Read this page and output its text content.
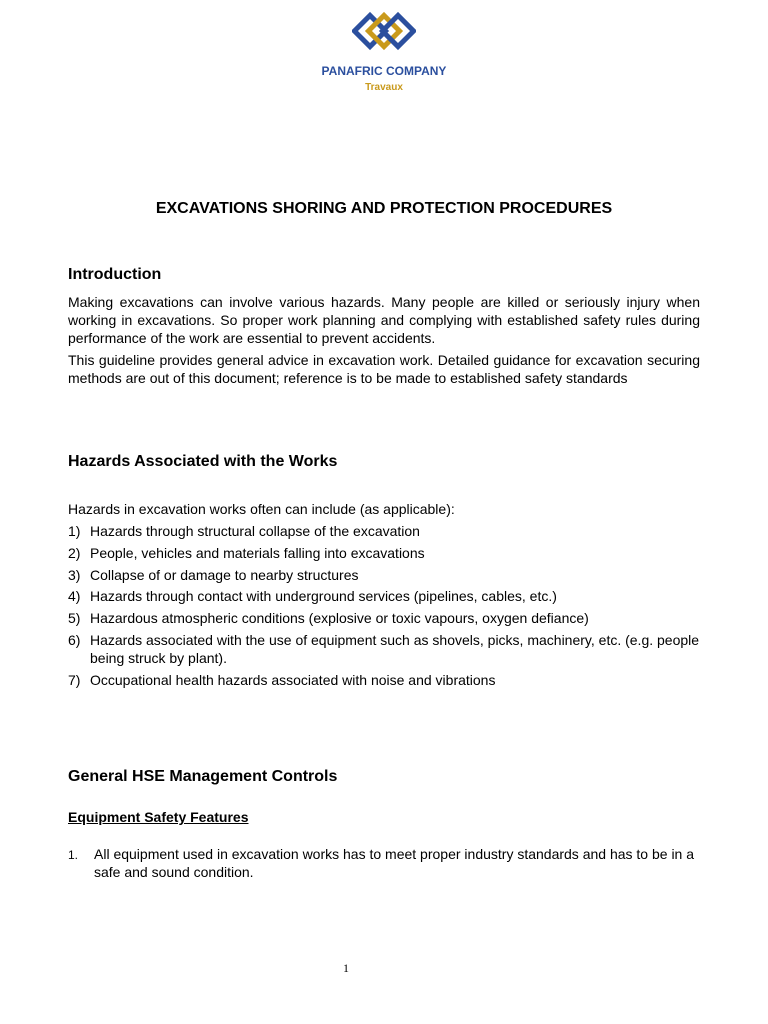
PANAFRIC COMPANY
Travaux
EXCAVATIONS SHORING AND PROTECTION PROCEDURES
Introduction
Making excavations can involve various hazards. Many people are killed or seriously injury when working in excavations. So proper work planning and complying with established safety rules during performance of the work are essential to prevent accidents.
This guideline provides general advice in excavation work. Detailed guidance for excavation securing methods are out of this document; reference is to be made to established safety standards
Hazards Associated with the Works
Hazards in excavation works often can include (as applicable):
1) Hazards through structural collapse of the excavation
2) People, vehicles and materials falling into excavations
3) Collapse of or damage to nearby structures
4) Hazards through contact with underground services (pipelines, cables, etc.)
5) Hazardous atmospheric conditions (explosive or toxic vapours, oxygen defiance)
6) Hazards associated with the use of equipment such as shovels, picks, machinery, etc. (e.g. people being struck by plant).
7) Occupational health hazards associated with noise and vibrations
General HSE Management Controls
Equipment Safety Features
1. All equipment used in excavation works has to meet proper industry standards and has to be in a safe and sound condition.
1
